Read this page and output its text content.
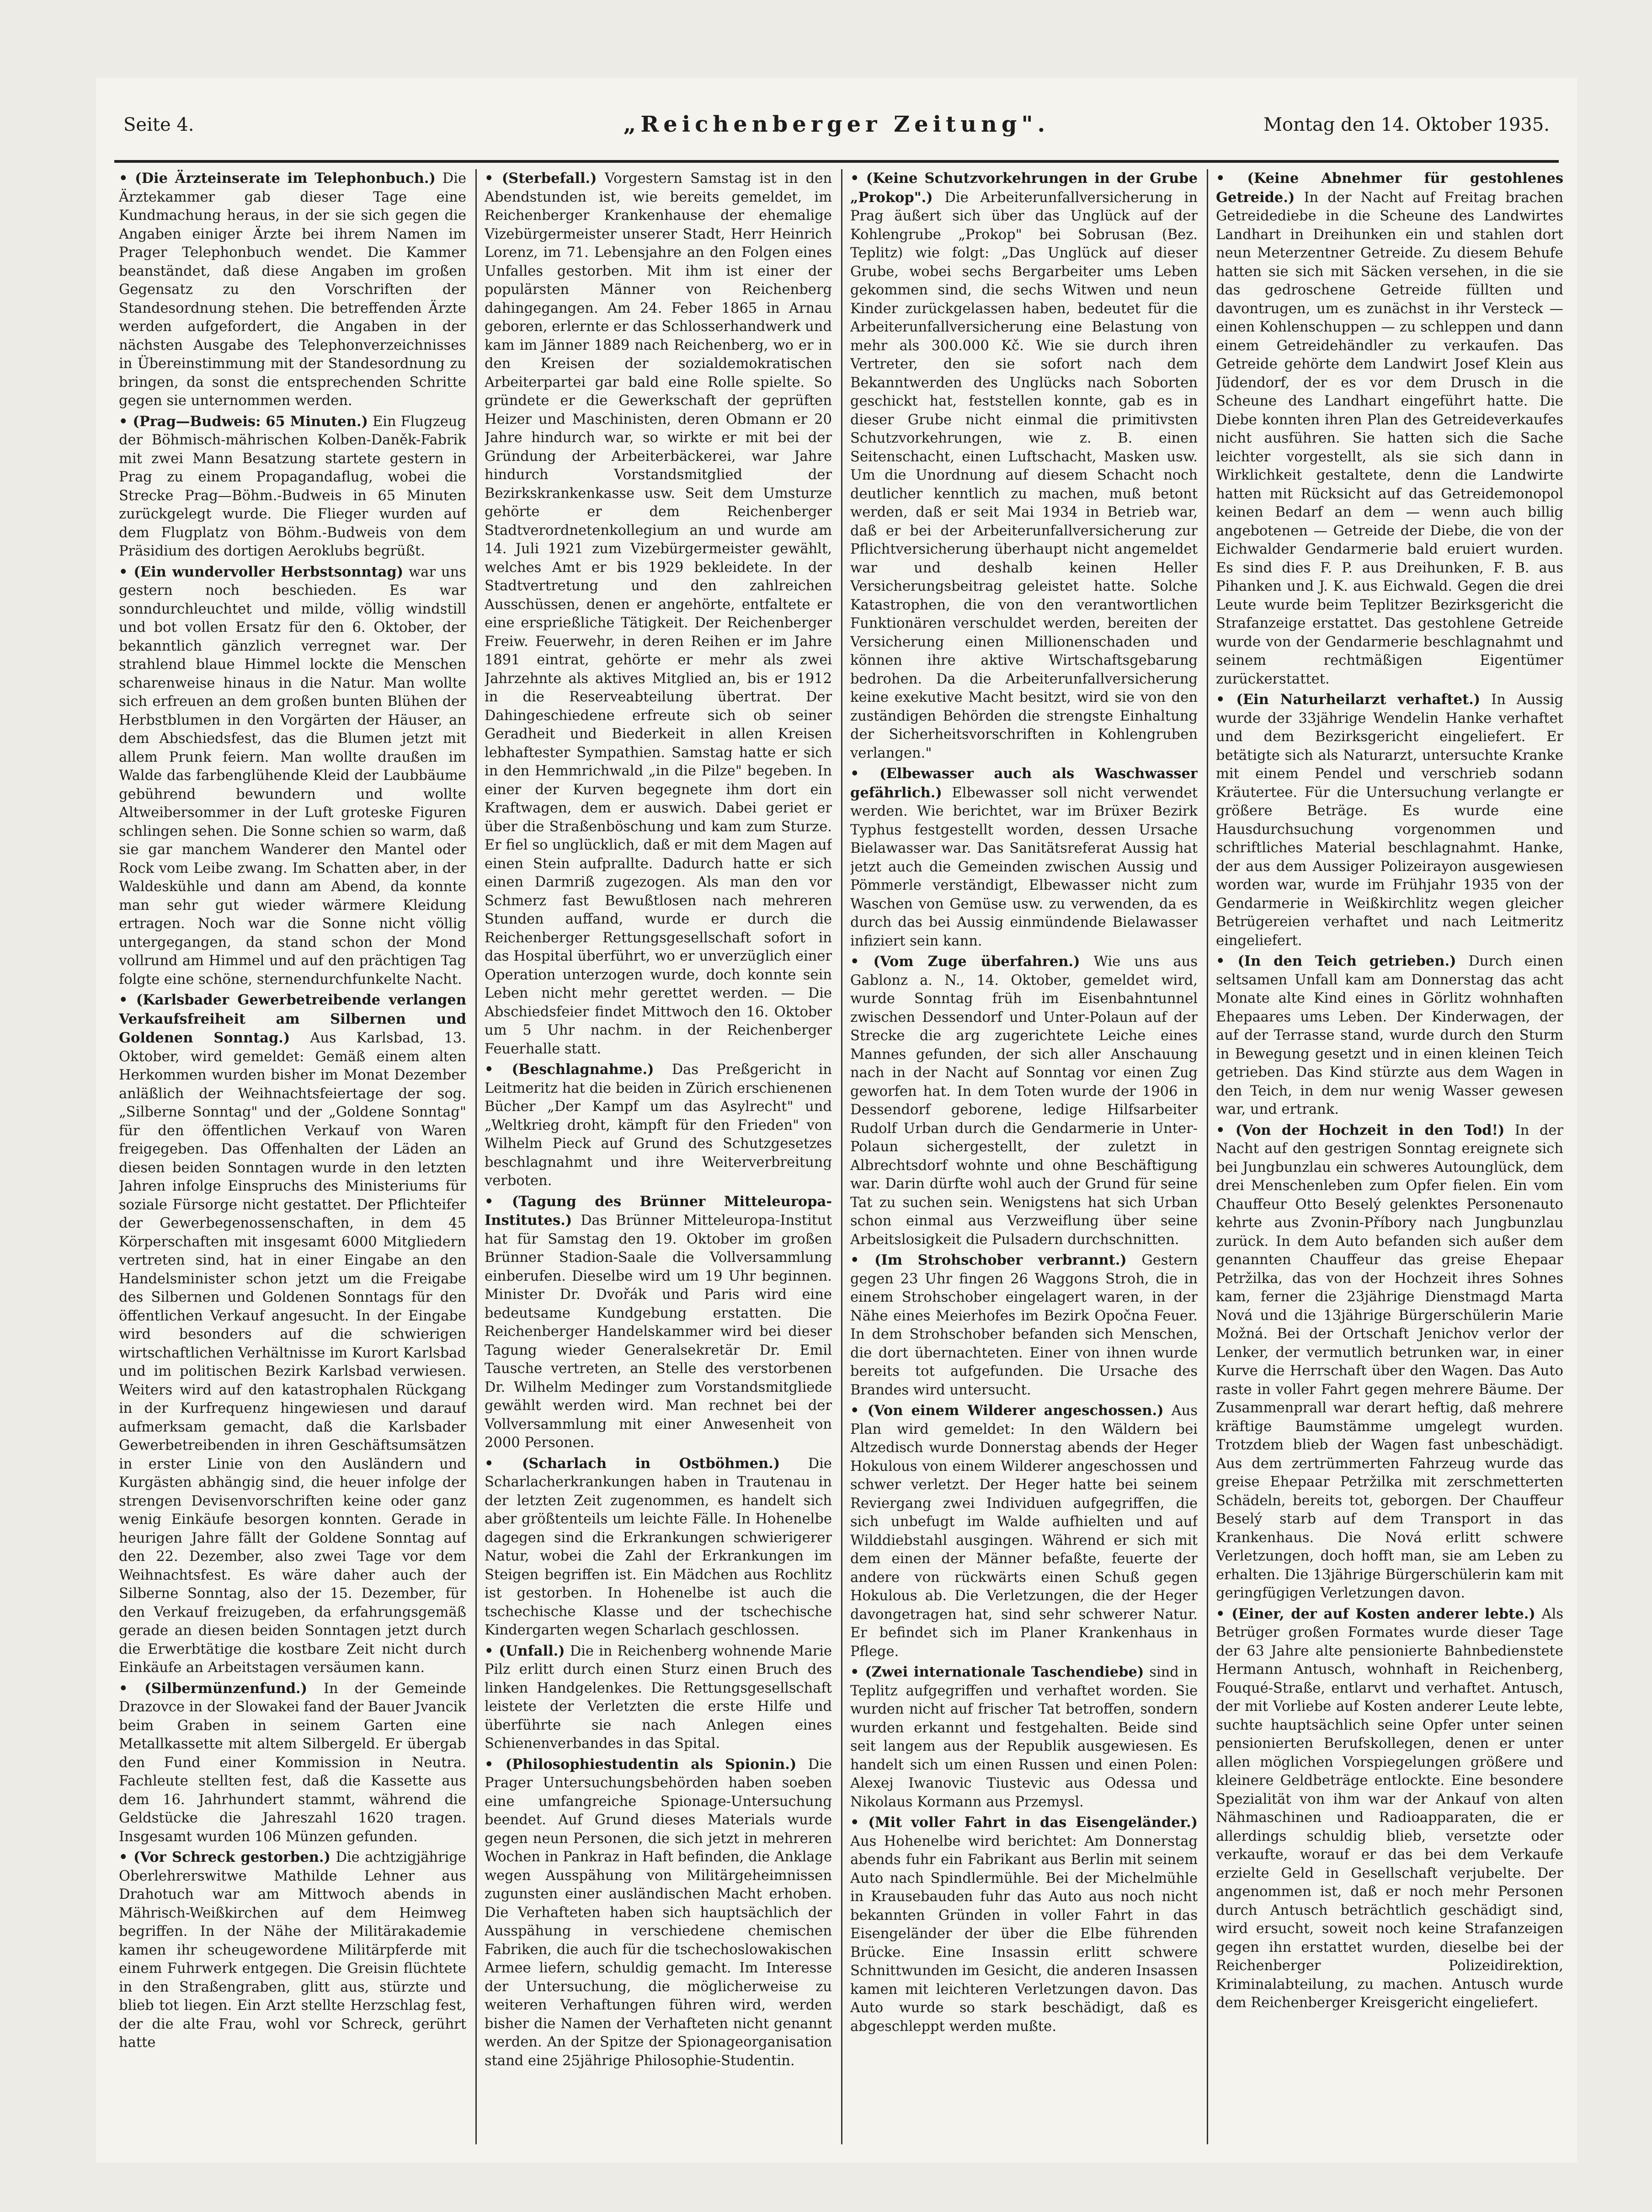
Seite 4.	„Reichenberger Zeitung".	Montag den 14. Oktober 1935.

• (Die Ärzteinserate im Telephonbuch.) Die Ärztekammer gab dieser Tage eine Kundmachung heraus, in der sie sich gegen die Angaben einiger Ärzte bei ihrem Namen im Prager Telephonbuch wendet. Die Kammer beanständet, daß diese Angaben im großen Gegensatz zu den Vorschriften der Standesordnung stehen. Die betreffenden Ärzte werden aufgefordert, die Angaben in der nächsten Ausgabe des Telephonverzeichnisses in Übereinstimmung mit der Standesordnung zu bringen, da sonst die entsprechenden Schritte gegen sie unternommen werden.

• (Prag—Budweis: 65 Minuten.) Ein Flugzeug der Böhmisch-mährischen Kolben-Daněk-Fabrik mit zwei Mann Besatzung startete gestern in Prag zu einem Propagandaflug, wobei die Strecke Prag—Böhm.-Budweis in 65 Minuten zurückgelegt wurde. Die Flieger wurden auf dem Flugplatz von Böhm.-Budweis von dem Präsidium des dortigen Aeroklubs begrüßt.

• (Ein wundervoller Herbstsonntag) war uns gestern noch beschieden. Es war sonndurchleuchtet und milde, völlig windstill und bot vollen Ersatz für den 6. Oktober, der bekanntlich gänzlich verregnet war. Der strahlend blaue Himmel lockte die Menschen scharenweise hinaus in die Natur. Man wollte sich erfreuen an dem großen bunten Blühen der Herbstblumen in den Vorgärten der Häuser, an dem Abschiedsfest, das die Blumen jetzt mit allem Prunk feiern. Man wollte draußen im Walde das farbenglühende Kleid der Laubbäume gebührend bewundern und wollte Altweibersommer in der Luft groteske Figuren schlingen sehen. Die Sonne schien so warm, daß sie gar manchem Wanderer den Mantel oder Rock vom Leibe zwang. Im Schatten aber, in der Waldeskühle und dann am Abend, da konnte man sehr gut wieder wärmere Kleidung ertragen. Noch war die Sonne nicht völlig untergegangen, da stand schon der Mond vollrund am Himmel und auf den prächtigen Tag folgte eine schöne, sternendurchfunkelte Nacht.

• (Karlsbader Gewerbetreibende verlangen Verkaufsfreiheit am Silbernen und Goldenen Sonntag.) Aus Karlsbad, 13. Oktober, wird gemeldet: Gemäß einem alten Herkommen wurden bisher im Monat Dezember anläßlich der Weihnachtsfeiertage der sog. „Silberne Sonntag" und der „Goldene Sonntag" für den öffentlichen Verkauf von Waren freigegeben. Das Offenhalten der Läden an diesen beiden Sonntagen wurde in den letzten Jahren infolge Einspruchs des Ministeriums für soziale Fürsorge nicht gestattet. Der Pflichteifer der Gewerbegenossenschaften, in dem 45 Körperschaften mit insgesamt 6000 Mitgliedern vertreten sind, hat in einer Eingabe an den Handelsminister schon jetzt um die Freigabe des Silbernen und Goldenen Sonntags für den öffentlichen Verkauf angesucht. In der Eingabe wird besonders auf die schwierigen wirtschaftlichen Verhältnisse im Kurort Karlsbad und im politischen Bezirk Karlsbad verwiesen. Weiters wird auf den katastrophalen Rückgang in der Kurfrequenz hingewiesen und darauf aufmerksam gemacht, daß die Karlsbader Gewerbetreibenden in ihren Geschäftsumsätzen in erster Linie von den Ausländern und Kurgästen abhängig sind, die heuer infolge der strengen Devisenvorschriften keine oder ganz wenig Einkäufe besorgen konnten. Gerade in heurigen Jahre fällt der Goldene Sonntag auf den 22. Dezember, also zwei Tage vor dem Weihnachtsfest. Es wäre daher auch der Silberne Sonntag, also der 15. Dezember, für den Verkauf freizugeben, da erfahrungsgemäß gerade an diesen beiden Sonntagen jetzt durch die Erwerbtätige die kostbare Zeit nicht durch Einkäufe an Arbeitstagen versäumen kann.

• (Silbermünzenfund.) In der Gemeinde Drazovce in der Slowakei fand der Bauer Jvancik beim Graben in seinem Garten eine Metallkassette mit altem Silbergeld. Er übergab den Fund einer Kommission in Neutra. Fachleute stellten fest, daß die Kassette aus dem 16. Jahrhundert stammt, während die Geldstücke die Jahreszahl 1620 tragen. Insgesamt wurden 106 Münzen gefunden.

• (Vor Schreck gestorben.) Die achtzigjährige Oberlehrerswitwe Mathilde Lehner aus Drahotuch war am Mittwoch abends in Mährisch-Weißkirchen auf dem Heimweg begriffen. In der Nähe der Militärakademie kamen ihr scheugewordene Militärpferde mit einem Fuhrwerk entgegen. Die Greisin flüchtete in den Straßengraben, glitt aus, stürzte und blieb tot liegen. Ein Arzt stellte Herzschlag fest, der die alte Frau, wohl vor Schreck, gerührt hatte

• (Sterbefall.) Vorgestern Samstag ist in den Abendstunden ist, wie bereits gemeldet, im Reichenberger Krankenhause der ehemalige Vizebürgermeister unserer Stadt, Herr Heinrich Lorenz, im 71. Lebensjahre an den Folgen eines Unfalles gestorben. Mit ihm ist einer der populärsten Männer von Reichenberg dahingegangen. Am 24. Feber 1865 in Arnau geboren, erlernte er das Schlosserhandwerk und kam im Jänner 1889 nach Reichenberg, wo er in den Kreisen der sozialdemokratischen Arbeiterpartei gar bald eine Rolle spielte. So gründete er die Gewerkschaft der geprüften Heizer und Maschinisten, deren Obmann er 20 Jahre hindurch war, so wirkte er mit bei der Gründung der Arbeiterbäckerei, war Jahre hindurch Vorstandsmitglied der Bezirkskrankenkasse usw. Seit dem Umsturze gehörte er dem Reichenberger Stadtverordnetenkollegium an und wurde am 14. Juli 1921 zum Vizebürgermeister gewählt, welches Amt er bis 1929 bekleidete. In der Stadtvertretung und den zahlreichen Ausschüssen, denen er angehörte, entfaltete er eine ersprießliche Tätigkeit. Der Reichenberger Freiw. Feuerwehr, in deren Reihen er im Jahre 1891 eintrat, gehörte er mehr als zwei Jahrzehnte als aktives Mitglied an, bis er 1912 in die Reserveabteilung übertrat. Der Dahingeschiedene erfreute sich ob seiner Geradheit und Biederkeit in allen Kreisen lebhaftester Sympathien. Samstag hatte er sich in den Hemmrichwald „in die Pilze" begeben. In einer der Kurven begegnete ihm dort ein Kraftwagen, dem er auswich. Dabei geriet er über die Straßenböschung und kam zum Sturze. Er fiel so unglücklich, daß er mit dem Magen auf einen Stein aufprallte. Dadurch hatte er sich einen Darmriß zugezogen. Als man den vor Schmerz fast Bewußtlosen nach mehreren Stunden auffand, wurde er durch die Reichenberger Rettungsgesellschaft sofort in das Hospital überführt, wo er unverzüglich einer Operation unterzogen wurde, doch konnte sein Leben nicht mehr gerettet werden. — Die Abschiedsfeier findet Mittwoch den 16. Oktober um 5 Uhr nachm. in der Reichenberger Feuerhalle statt.

• (Beschlagnahme.) Das Preßgericht in Leitmeritz hat die beiden in Zürich erschienenen Bücher „Der Kampf um das Asylrecht" und „Weltkrieg droht, kämpft für den Frieden" von Wilhelm Pieck auf Grund des Schutzgesetzes beschlagnahmt und ihre Weiterverbreitung verboten.

• (Tagung des Brünner Mitteleuropa-Institutes.) Das Brünner Mitteleuropa-Institut hat für Samstag den 19. Oktober im großen Brünner Stadion-Saale die Vollversammlung einberufen. Dieselbe wird um 19 Uhr beginnen. Minister Dr. Dvořák und Paris wird eine bedeutsame Kundgebung erstatten. Die Reichenberger Handelskammer wird bei dieser Tagung wieder Generalsekretär Dr. Emil Tausche vertreten, an Stelle des verstorbenen Dr. Wilhelm Medinger zum Vorstandsmitgliede gewählt werden wird. Man rechnet bei der Vollversammlung mit einer Anwesenheit von 2000 Personen.

• (Scharlach in Ostböhmen.) Die Scharlacherkrankungen haben in Trautenau in der letzten Zeit zugenommen, es handelt sich aber größtenteils um leichte Fälle. In Hohenelbe dagegen sind die Erkrankungen schwierigerer Natur, wobei die Zahl der Erkrankungen im Steigen begriffen ist. Ein Mädchen aus Rochlitz ist gestorben. In Hohenelbe ist auch die tschechische Klasse und der tschechische Kindergarten wegen Scharlach geschlossen.

• (Unfall.) Die in Reichenberg wohnende Marie Pilz erlitt durch einen Sturz einen Bruch des linken Handgelenkes. Die Rettungsgesellschaft leistete der Verletzten die erste Hilfe und überführte sie nach Anlegen eines Schienenverbandes in das Spital.

• (Philosophiestudentin als Spionin.) Die Prager Untersuchungsbehörden haben soeben eine umfangreiche Spionage-Untersuchung beendet. Auf Grund dieses Materials wurde gegen neun Personen, die sich jetzt in mehreren Wochen in Pankraz in Haft befinden, die Anklage wegen Ausspähung von Militärgeheimnissen zugunsten einer ausländischen Macht erhoben. Die Verhafteten haben sich hauptsächlich der Ausspähung in verschiedene chemischen Fabriken, die auch für die tschechoslowakischen Armee liefern, schuldig gemacht. Im Interesse der Untersuchung, die möglicherweise zu weiteren Verhaftungen führen wird, werden bisher die Namen der Verhafteten nicht genannt werden. An der Spitze der Spionageorganisation stand eine 25jährige Philosophie-Studentin.

• (Keine Schutzvorkehrungen in der Grube „Prokop".) Die Arbeiterunfallversicherung in Prag äußert sich über das Unglück auf der Kohlengrube „Prokop" bei Sobrusan (Bez. Teplitz) wie folgt: „Das Unglück auf dieser Grube, wobei sechs Bergarbeiter ums Leben gekommen sind, die sechs Witwen und neun Kinder zurückgelassen haben, bedeutet für die Arbeiterunfallversicherung eine Belastung von mehr als 300.000 Kč. Wie sie durch ihren Vertreter, den sie sofort nach dem Bekanntwerden des Unglücks nach Soborten geschickt hat, feststellen konnte, gab es in dieser Grube nicht einmal die primitivsten Schutzvorkehrungen, wie z. B. einen Seitenschacht, einen Luftschacht, Masken usw. Um die Unordnung auf diesem Schacht noch deutlicher kenntlich zu machen, muß betont werden, daß er seit Mai 1934 in Betrieb war, daß er bei der Arbeiterunfallversicherung zur Pflichtversicherung überhaupt nicht angemeldet war und deshalb keinen Heller Versicherungsbeitrag geleistet hatte. Solche Katastrophen, die von den verantwortlichen Funktionären verschuldet werden, bereiten der Versicherung einen Millionenschaden und können ihre aktive Wirtschaftsgebarung bedrohen. Da die Arbeiterunfallversicherung keine exekutive Macht besitzt, wird sie von den zuständigen Behörden die strengste Einhaltung der Sicherheitsvorschriften in Kohlengruben verlangen."

• (Elbewasser auch als Waschwasser gefährlich.) Elbewasser soll nicht verwendet werden. Wie berichtet, war im Brüxer Bezirk Typhus festgestellt worden, dessen Ursache Bielawasser war. Das Sanitätsreferat Aussig hat jetzt auch die Gemeinden zwischen Aussig und Pömmerle verständigt, Elbewasser nicht zum Waschen von Gemüse usw. zu verwenden, da es durch das bei Aussig einmündende Bielawasser infiziert sein kann.

• (Vom Zuge überfahren.) Wie uns aus Gablonz a. N., 14. Oktober, gemeldet wird, wurde Sonntag früh im Eisenbahntunnel zwischen Dessendorf und Unter-Polaun auf der Strecke die arg zugerichtete Leiche eines Mannes gefunden, der sich aller Anschauung nach in der Nacht auf Sonntag vor einen Zug geworfen hat. In dem Toten wurde der 1906 in Dessendorf geborene, ledige Hilfsarbeiter Rudolf Urban durch die Gendarmerie in Unter-Polaun sichergestellt, der zuletzt in Albrechtsdorf wohnte und ohne Beschäftigung war. Darin dürfte wohl auch der Grund für seine Tat zu suchen sein. Wenigstens hat sich Urban schon einmal aus Verzweiflung über seine Arbeitslosigkeit die Pulsadern durchschnitten.

• (Im Strohschober verbrannt.) Gestern gegen 23 Uhr fingen 26 Waggons Stroh, die in einem Strohschober eingelagert waren, in der Nähe eines Meierhofes im Bezirk Opočna Feuer. In dem Strohschober befanden sich Menschen, die dort übernachteten. Einer von ihnen wurde bereits tot aufgefunden. Die Ursache des Brandes wird untersucht.

• (Von einem Wilderer angeschossen.) Aus Plan wird gemeldet: In den Wäldern bei Altzedisch wurde Donnerstag abends der Heger Hokulous von einem Wilderer angeschossen und schwer verletzt. Der Heger hatte bei seinem Reviergang zwei Individuen aufgegriffen, die sich unbefugt im Walde aufhielten und auf Wilddiebstahl ausgingen. Während er sich mit dem einen der Männer befaßte, feuerte der andere von rückwärts einen Schuß gegen Hokulous ab. Die Verletzungen, die der Heger davongetragen hat, sind sehr schwerer Natur. Er befindet sich im Planer Krankenhaus in Pflege.

• (Zwei internationale Taschendiebe) sind in Teplitz aufgegriffen und verhaftet worden. Sie wurden nicht auf frischer Tat betroffen, sondern wurden erkannt und festgehalten. Beide sind seit langem aus der Republik ausgewiesen. Es handelt sich um einen Russen und einen Polen: Alexej Iwanovic Tiustevic aus Odessa und Nikolaus Kormann aus Przemysl.

• (Mit voller Fahrt in das Eisengeländer.) Aus Hohenelbe wird berichtet: Am Donnerstag abends fuhr ein Fabrikant aus Berlin mit seinem Auto nach Spindlermühle. Bei der Michelmühle in Krausebauden fuhr das Auto aus noch nicht bekannten Gründen in voller Fahrt in das Eisengeländer der über die Elbe führenden Brücke. Eine Insassin erlitt schwere Schnittwunden im Gesicht, die anderen Insassen kamen mit leichteren Verletzungen davon. Das Auto wurde so stark beschädigt, daß es abgeschleppt werden mußte.

• (Keine Abnehmer für gestohlenes Getreide.) In der Nacht auf Freitag brachen Getreidediebe in die Scheune des Landwirtes Landhart in Dreihunken ein und stahlen dort neun Meterzentner Getreide. Zu diesem Behufe hatten sie sich mit Säcken versehen, in die sie das gedroschene Getreide füllten und davontrugen, um es zunächst in ihr Versteck — einen Kohlenschuppen — zu schleppen und dann einem Getreidehändler zu verkaufen. Das Getreide gehörte dem Landwirt Josef Klein aus Jüdendorf, der es vor dem Drusch in die Scheune des Landhart eingeführt hatte. Die Diebe konnten ihren Plan des Getreideverkaufes nicht ausführen. Sie hatten sich die Sache leichter vorgestellt, als sie sich dann in Wirklichkeit gestaltete, denn die Landwirte hatten mit Rücksicht auf das Getreidemonopol keinen Bedarf an dem — wenn auch billig angebotenen — Getreide der Diebe, die von der Eichwalder Gendarmerie bald eruiert wurden. Es sind dies F. P. aus Dreihunken, F. B. aus Pihanken und J. K. aus Eichwald. Gegen die drei Leute wurde beim Teplitzer Bezirksgericht die Strafanzeige erstattet. Das gestohlene Getreide wurde von der Gendarmerie beschlagnahmt und seinem rechtmäßigen Eigentümer zurückerstattet.

• (Ein Naturheilarzt verhaftet.) In Aussig wurde der 33jährige Wendelin Hanke verhaftet und dem Bezirksgericht eingeliefert. Er betätigte sich als Naturarzt, untersuchte Kranke mit einem Pendel und verschrieb sodann Kräutertee. Für die Untersuchung verlangte er größere Beträge. Es wurde eine Hausdurchsuchung vorgenommen und schriftliches Material beschlagnahmt. Hanke, der aus dem Aussiger Polizeirayon ausgewiesen worden war, wurde im Frühjahr 1935 von der Gendarmerie in Weißkirchlitz wegen gleicher Betrügereien verhaftet und nach Leitmeritz eingeliefert.

• (In den Teich getrieben.) Durch einen seltsamen Unfall kam am Donnerstag das acht Monate alte Kind eines in Görlitz wohnhaften Ehepaares ums Leben. Der Kinderwagen, der auf der Terrasse stand, wurde durch den Sturm in Bewegung gesetzt und in einen kleinen Teich getrieben. Das Kind stürzte aus dem Wagen in den Teich, in dem nur wenig Wasser gewesen war, und ertrank.

• (Von der Hochzeit in den Tod!) In der Nacht auf den gestrigen Sonntag ereignete sich bei Jungbunzlau ein schweres Autounglück, dem drei Menschenleben zum Opfer fielen. Ein vom Chauffeur Otto Beselý gelenktes Personenauto kehrte aus Zvonin-Příbory nach Jungbunzlau zurück. In dem Auto befanden sich außer dem genannten Chauffeur das greise Ehepaar Petržilka, das von der Hochzeit ihres Sohnes kam, ferner die 23jährige Dienstmagd Marta Nová und die 13jährige Bürgerschülerin Marie Možná. Bei der Ortschaft Jenichov verlor der Lenker, der vermutlich betrunken war, in einer Kurve die Herrschaft über den Wagen. Das Auto raste in voller Fahrt gegen mehrere Bäume. Der Zusammenprall war derart heftig, daß mehrere kräftige Baumstämme umgelegt wurden. Trotzdem blieb der Wagen fast unbeschädigt. Aus dem zertrümmerten Fahrzeug wurde das greise Ehepaar Petržilka mit zerschmetterten Schädeln, bereits tot, geborgen. Der Chauffeur Beselý starb auf dem Transport in das Krankenhaus. Die Nová erlitt schwere Verletzungen, doch hofft man, sie am Leben zu erhalten. Die 13jährige Bürgerschülerin kam mit geringfügigen Verletzungen davon.

• (Einer, der auf Kosten anderer lebte.) Als Betrüger großen Formates wurde dieser Tage der 63 Jahre alte pensionierte Bahnbedienstete Hermann Antusch, wohnhaft in Reichenberg, Fouqué-Straße, entlarvt und verhaftet. Antusch, der mit Vorliebe auf Kosten anderer Leute lebte, suchte hauptsächlich seine Opfer unter seinen pensionierten Berufskollegen, denen er unter allen möglichen Vorspiegelungen größere und kleinere Geldbeträge entlockte. Eine besondere Spezialität von ihm war der Ankauf von alten Nähmaschinen und Radioapparaten, die er allerdings schuldig blieb, versetzte oder verkaufte, worauf er das bei dem Verkaufe erzielte Geld in Gesellschaft verjubelte. Der angenommen ist, daß er noch mehr Personen durch Antusch beträchtlich geschädigt sind, wird ersucht, soweit noch keine Strafanzeigen gegen ihn erstattet wurden, dieselbe bei der Reichenberger Polizeidirektion, Kriminalabteilung, zu machen. Antusch wurde dem Reichenberger Kreisgericht eingeliefert.
